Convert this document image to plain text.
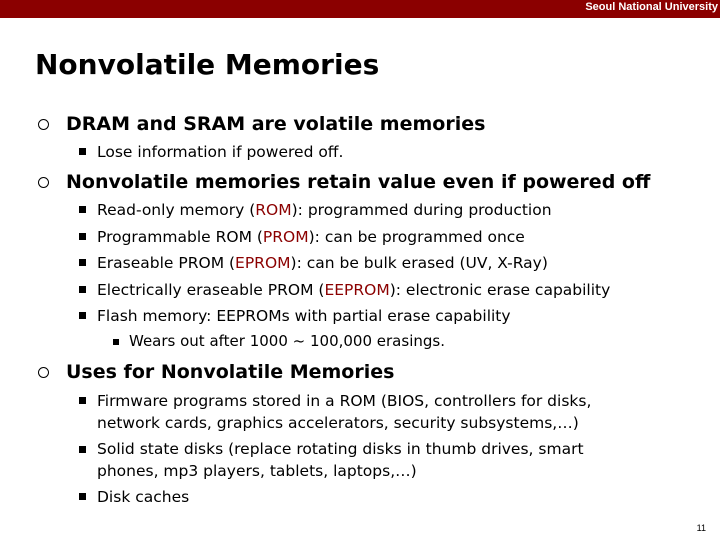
Seoul National University
Nonvolatile Memories
DRAM and SRAM are volatile memories
Lose information if powered off.
Nonvolatile memories retain value even if powered off
Read-only memory (ROM): programmed during production
Programmable ROM (PROM): can be programmed once
Eraseable PROM (EPROM): can be bulk erased (UV, X-Ray)
Electrically eraseable PROM (EEPROM): electronic erase capability
Flash memory: EEPROMs with partial erase capability
Wears out after 1000 ~ 100,000 erasings.
Uses for Nonvolatile Memories
Firmware programs stored in a ROM (BIOS, controllers for disks,
network cards, graphics accelerators, security subsystems,…)
Solid state disks (replace rotating disks in thumb drives, smart
phones, mp3 players, tablets, laptops,…)
Disk caches
11
